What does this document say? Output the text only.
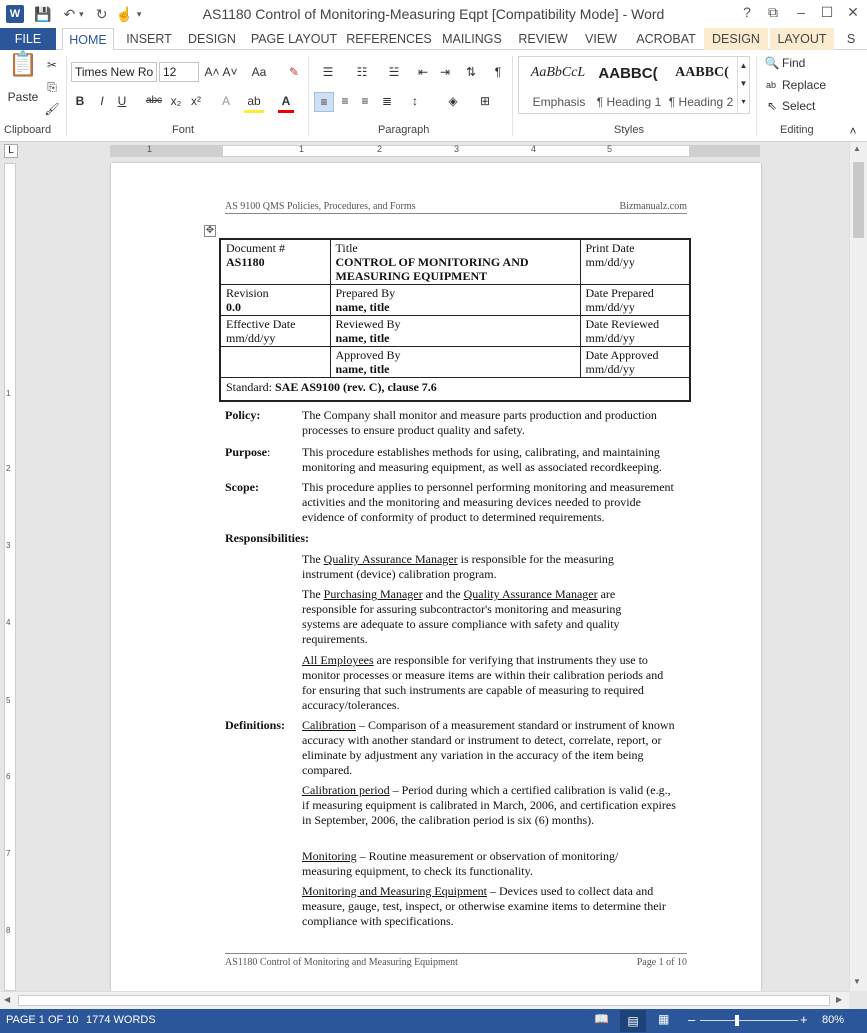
W 💾 ↶ ▾ ↻ ☝ ▾	AS1180 Control of Monitoring-Measuring Eqpt [Compatibility Mode] - Word	?	⧉	–	☐ ✕
FILE	HOME	INSERT	DESIGN	PAGE LAYOUT REFERENCES MAILINGS	REVIEW	VIEW	ACROBAT	DESIGN	LAYOUT	S
📋
Paste
✂
⎘
🖌
Clipboard
Times New Ro 12	A˄ A˅	Aa	✎
B	I	U	abc x₂ x²	A	ab	A
Font
☰	☷	☱	⇤ ⇥	⇅	¶
≡	≡	≡	≣	↕	◈	⊞
Paragraph
AaBbCcL AABBC(	AABBC(
Emphasis ¶ Heading 1 ¶ Heading 2
▲
▼
▾
Styles
🔍 Find
ab Replace
⇖ Select
Editing	˄
L	1	1	2	3	4	5
1
2
3
4
5
6
7
8
AS 9100 QMS Policies, Procedures, and Forms	Bizmanualz.com
✥
Document #
AS1180	Title
CONTROL OF MONITORING AND MEASURING EQUIPMENT	Print Date
mm/dd/yy
Revision
0.0	Prepared By
name, title	Date Prepared
mm/dd/yy
Effective Date
mm/dd/yy	Reviewed By
name, title	Date Reviewed
mm/dd/yy
	Approved By
name, title	Date Approved
mm/dd/yy
Standard: SAE AS9100 (rev. C), clause 7.6		
Policy:	The Company shall monitor and measure parts production and production processes to ensure product quality and safety.
Purpose:	This procedure establishes methods for using, calibrating, and maintaining monitoring and measuring equipment, as well as associated recordkeeping.
Scope:	This procedure applies to personnel performing monitoring and measurement activities and the monitoring and measuring devices needed to provide evidence of conformity of product to determined requirements.
Responsibilities:
The Quality Assurance Manager is responsible for the measuring instrument (device) calibration program.
The Purchasing Manager and the Quality Assurance Manager are responsible for assuring subcontractor's monitoring and measuring systems are adequate to assure compliance with safety and quality requirements.
All Employees are responsible for verifying that instruments they use to monitor processes or measure items are within their calibration periods and for ensuring that such instruments are capable of measuring to required accuracy/tolerances.
Definitions: Calibration – Comparison of a measurement standard or instrument of known accuracy with another standard or instrument to detect, correlate, report, or eliminate by adjustment any variation in the accuracy of the item being compared.
Calibration period – Period during which a certified calibration is valid (e.g., if measuring equipment is calibrated in March, 2006, and certification expires in September, 2006, the calibration period is six (6) months).
Monitoring – Routine measurement or observation of monitoring/ measuring equipment, to check its functionality.
Monitoring and Measuring Equipment – Devices used to collect data and measure, gauge, test, inspect, or otherwise examine items to determine their compliance with specifications.
AS1180 Control of Monitoring and Measuring Equipment	Page 1 of 10
▲
▼
◀	▶
PAGE 1 OF 10 1774 WORDS	📖	▤	▦ –	+ 80%
